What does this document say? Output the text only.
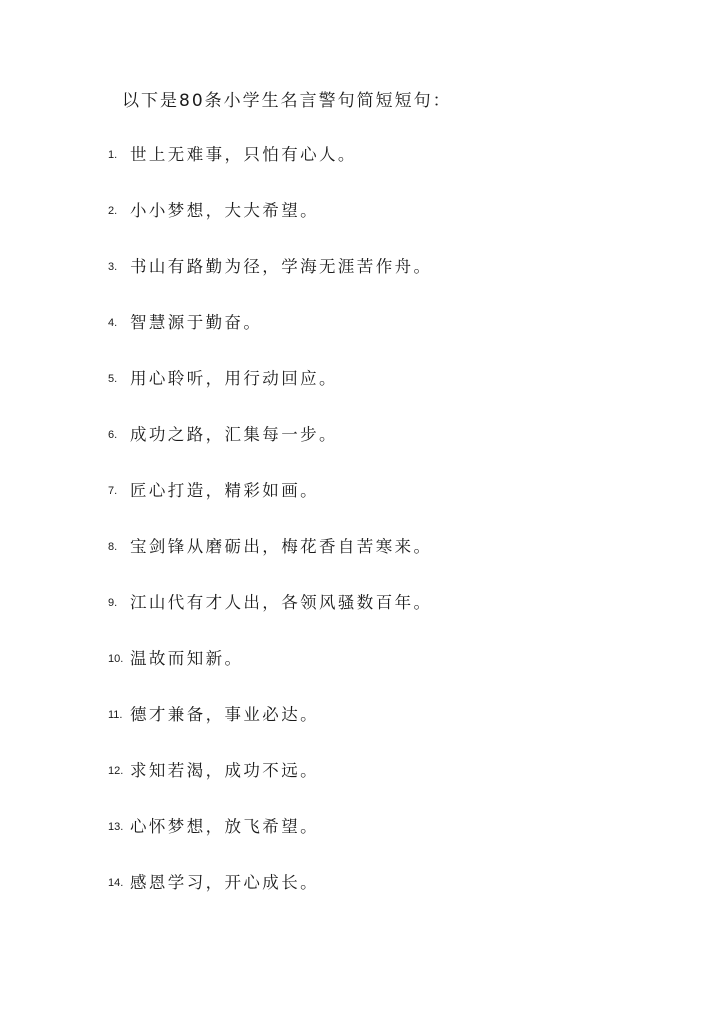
以下是80条小学生名言警句简短短句：
1. 世上无难事，只怕有心人。
2. 小小梦想，大大希望。
3. 书山有路勤为径，学海无涯苦作舟。
4. 智慧源于勤奋。
5. 用心聆听，用行动回应。
6. 成功之路，汇集每一步。
7. 匠心打造，精彩如画。
8. 宝剑锋从磨砺出，梅花香自苦寒来。
9. 江山代有才人出，各领风骚数百年。
10. 温故而知新。
11. 德才兼备，事业必达。
12. 求知若渴，成功不远。
13. 心怀梦想，放飞希望。
14. 感恩学习，开心成长。
